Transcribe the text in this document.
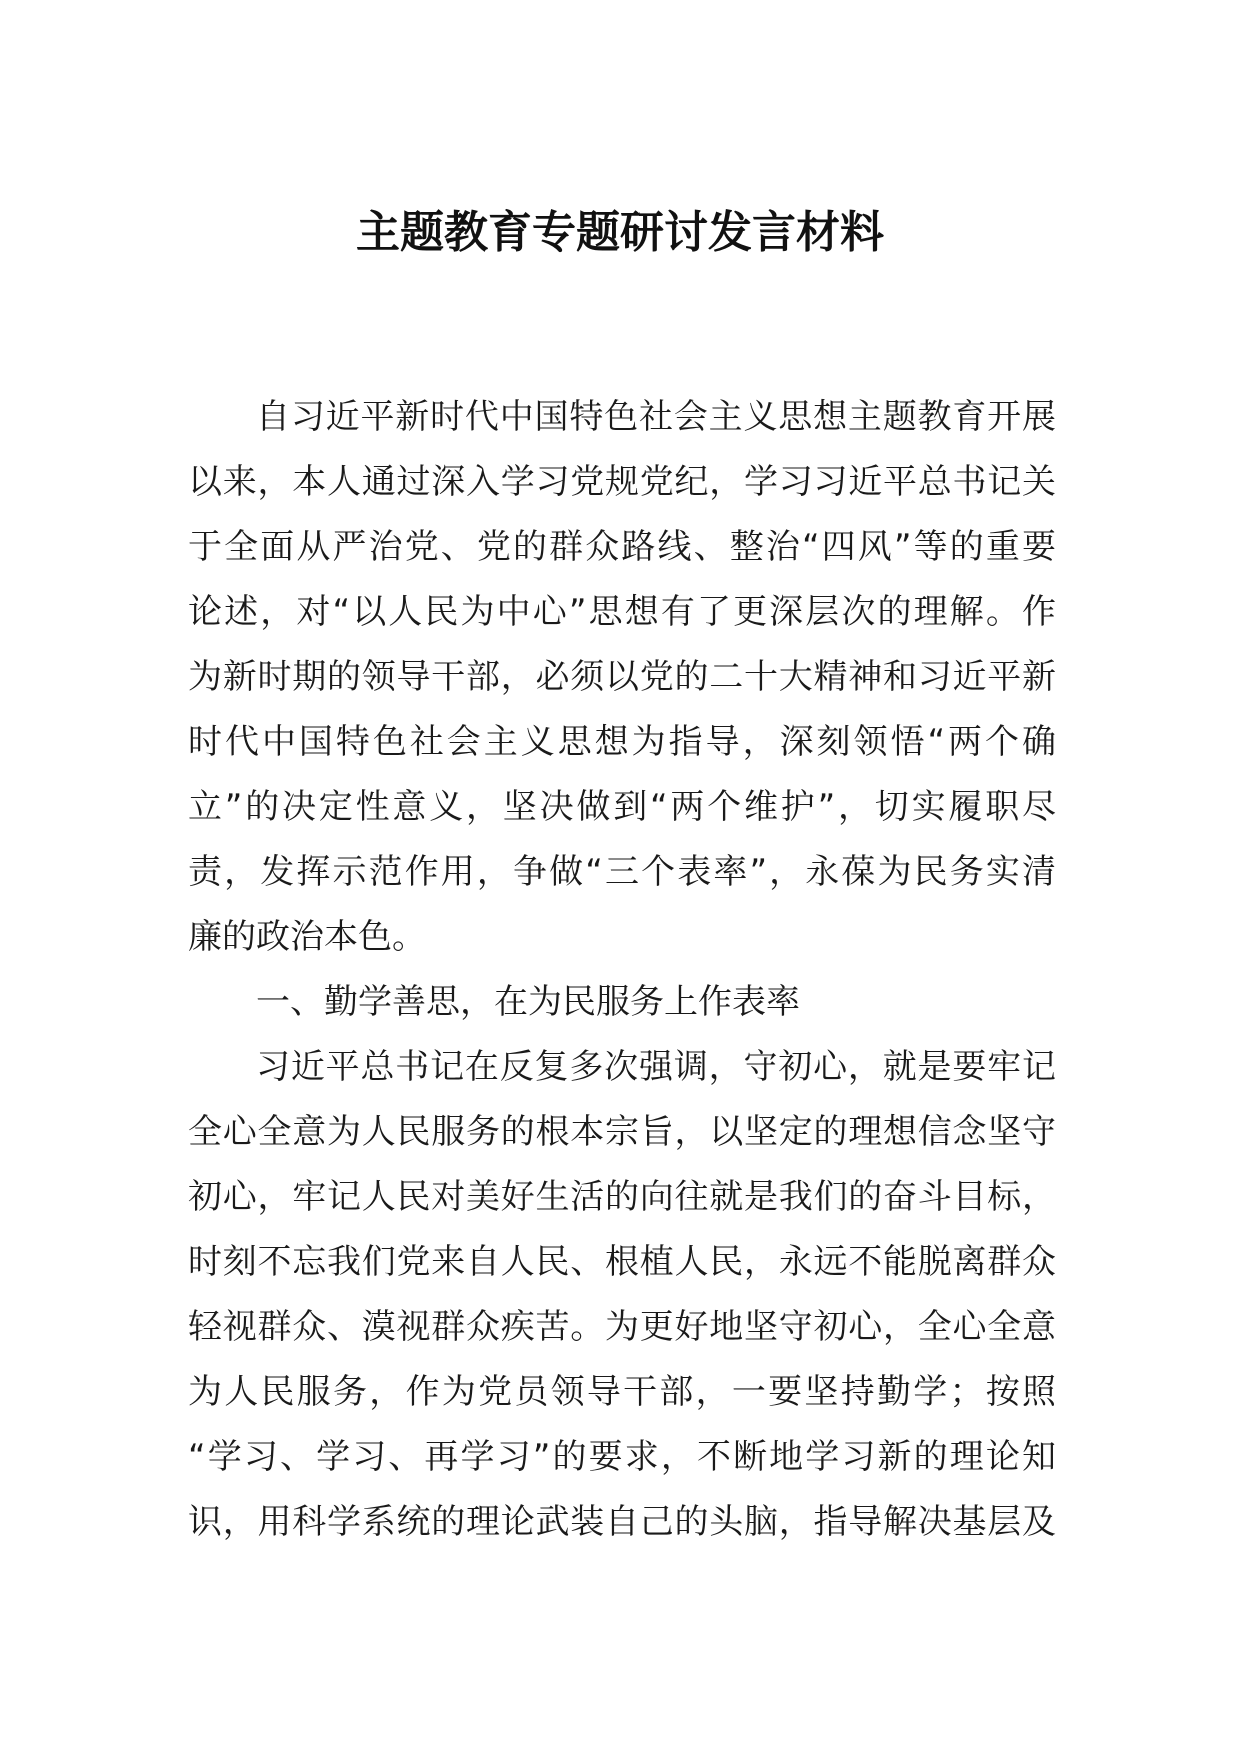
主题教育专题研讨发言材料
自习近平新时代中国特色社会主义思想主题教育开展
以来，本人通过深入学习党规党纪，学习习近平总书记关
于全面从严治党、党的群众路线、整治“四风”等的重要
论述，对“以人民为中心”思想有了更深层次的理解。作
为新时期的领导干部，必须以党的二十大精神和习近平新
时代中国特色社会主义思想为指导，深刻领悟“两个确
立”的决定性意义，坚决做到“两个维护”，切实履职尽
责，发挥示范作用，争做“三个表率”，永葆为民务实清
廉的政治本色。
一、勤学善思，在为民服务上作表率
习近平总书记在反复多次强调，守初心，就是要牢记
全心全意为人民服务的根本宗旨，以坚定的理想信念坚守
初心，牢记人民对美好生活的向往就是我们的奋斗目标，
时刻不忘我们党来自人民、根植人民，永远不能脱离群众
轻视群众、漠视群众疾苦。为更好地坚守初心，全心全意
为人民服务，作为党员领导干部，一要坚持勤学；按照
“学习、学习、再学习”的要求，不断地学习新的理论知
识，用科学系统的理论武装自己的头脑，指导解决基层及
